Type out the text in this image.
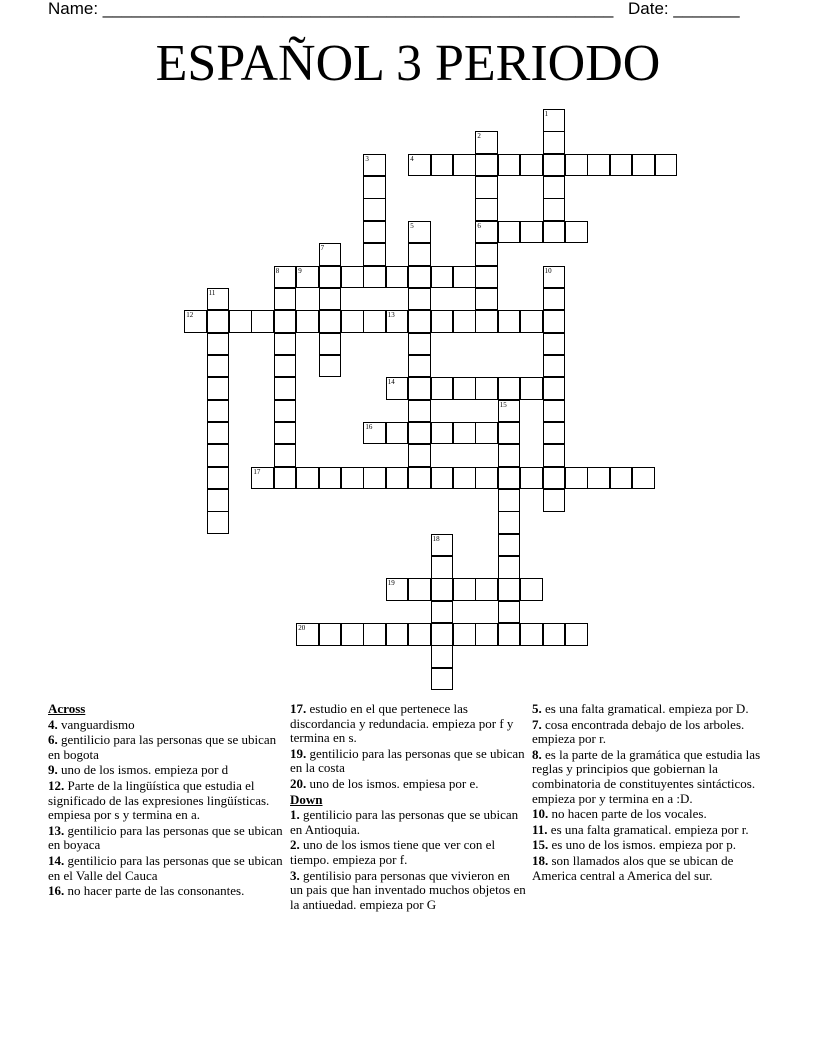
Name: ______________________________________________________ Date: _______
ESPAÑOL 3 PERIODO
1
2
6
3	4
5
7
8	9	10
11
12	13
14
15
16
17
18
19
20
Across
4. vanguardismo
6. gentilicio para las personas que se ubican en bogota
9. uno de los ismos. empieza por d
12. Parte de la lingüística que estudia el significado de las expresiones lingüísticas. empiesa por s y termina en a.
13. gentilicio para las personas que se ubican en boyaca
14. gentilicio para las personas que se ubican en el Valle del Cauca
16. no hacer parte de las consonantes.
17. estudio en el que pertenece las discordancia y redundacia. empieza por f y termina en s.
19. gentilicio para las personas que se ubican en la costa
20. uno de los ismos. empiesa por e.
Down
1. gentilicio para las personas que se ubican en Antioquia.
2. uno de los ismos tiene que ver con el tiempo. empieza por f.
3. gentilisio para personas que vivieron en un pais que han inventado muchos objetos en la antiuedad. empieza por G
5. es una falta gramatical. empieza por D.
7. cosa encontrada debajo de los arboles. empieza por r.
8. es la parte de la gramática que estudia las reglas y principios que gobiernan la combinatoria de constituyentes sintácticos. empieza por y termina en a :D.
10. no hacen parte de los vocales.
11. es una falta gramatical. empieza por r.
15. es uno de los ismos. empieza por p.
18. son llamados alos que se ubican de America central a America del sur.
